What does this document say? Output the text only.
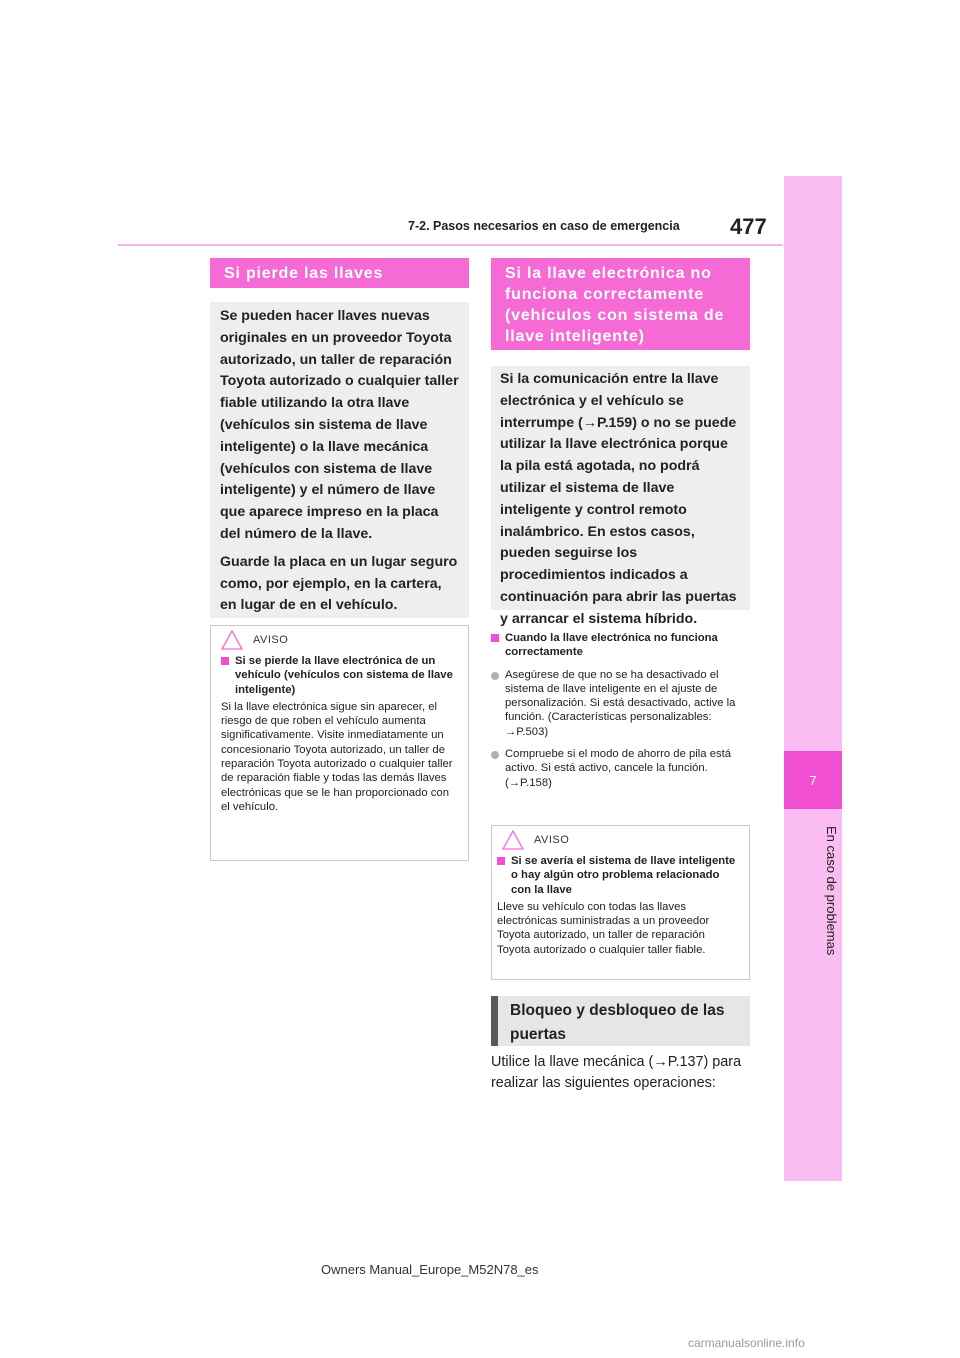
7
En caso de problemas
7-2. Pasos necesarios en caso de emergencia 477
Si pierde las llaves

Se pueden hacer llaves nuevas originales en un proveedor Toyota autorizado, un taller de reparación Toyota autorizado o cualquier taller fiable utilizando la otra llave (vehículos sin sistema de llave inteligente) o la llave mecánica (vehículos con sistema de llave inteligente) y el número de llave que aparece impreso en la placa del número de la llave.

Guarde la placa en un lugar seguro como, por ejemplo, en la cartera, en lugar de en el vehículo.

AVISO
Si se pierde la llave electrónica de un vehículo (vehículos con sistema de llave inteligente)
Si la llave electrónica sigue sin aparecer, el riesgo de que roben el vehículo aumenta significativamente. Visite inmediatamente un concesionario Toyota autorizado, un taller de reparación Toyota autorizado o cualquier taller de reparación fiable y todas las demás llaves electrónicas que se le han proporcionado con el vehículo.
Si la llave electrónica no funciona correctamente (vehículos con sistema de llave inteligente)

Si la comunicación entre la llave electrónica y el vehículo se interrumpe (→P.159) o no se puede utilizar la llave electrónica porque la pila está agotada, no podrá utilizar el sistema de llave inteligente y control remoto inalámbrico. En estos casos, pueden seguirse los procedimientos indicados a continuación para abrir las puertas y arrancar el sistema híbrido.

Cuando la llave electrónica no funciona correctamente
Asegúrese de que no se ha desactivado el sistema de llave inteligente en el ajuste de personalización. Si está desactivado, active la función. (Características personalizables: →P.503)
Compruebe si el modo de ahorro de pila está activo. Si está activo, cancele la función. (→P.158)
AVISO
Si se avería el sistema de llave inteligente o hay algún otro problema relacionado con la llave
Lleve su vehículo con todas las llaves electrónicas suministradas a un proveedor Toyota autorizado, un taller de reparación Toyota autorizado o cualquier taller fiable.
Bloqueo y desbloqueo de las puertas
Utilice la llave mecánica (→P.137) para realizar las siguientes operaciones:
Owners Manual_Europe_M52N78_es
carmanualsonline.info
